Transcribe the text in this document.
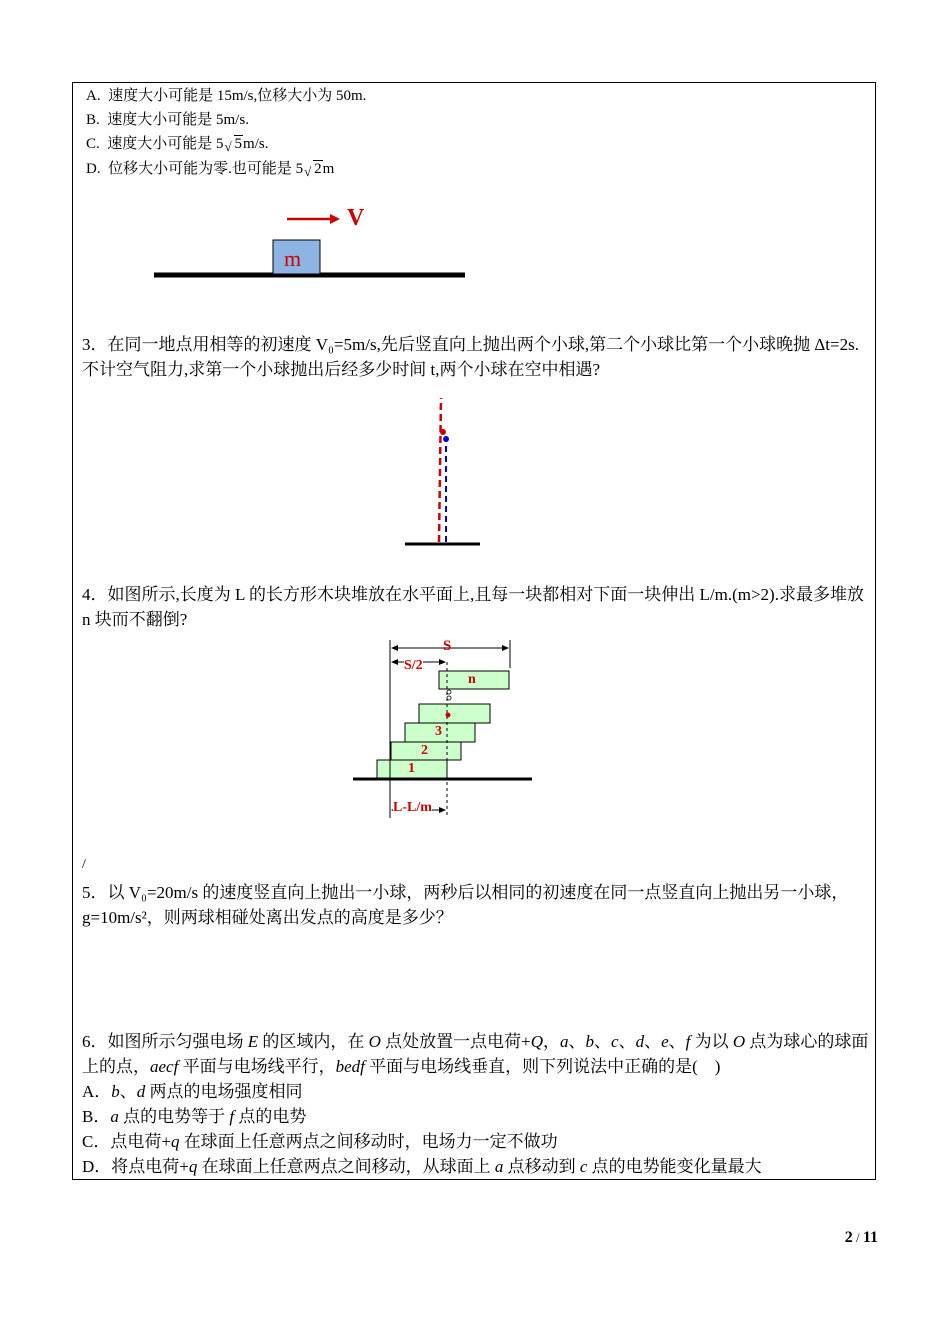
A. 速度大小可能是 15m/s,位移大小为 50m.
B. 速度大小可能是 5m/s.
C. 速度大小可能是 5 √ 5m/s.
D. 位移大小可能为零.也可能是 5 √ 2m
m
V
3．在同一地点用相等的初速度 V₀=5m/s,先后竖直向上抛出两个小球,第二个小球比第一个小球晚抛 Δt=2s.不计空气阻力,求第一个小球抛出后经多少时间 t,两个小球在空中相遇?
4．如图所示,长度为 L 的长方形木块堆放在水平面上,且每一块都相对下面一块伸出 L/m.(m>2).求最多堆放 n 块而不翻倒?
S
S/2
1
2
3
n
L-L/m
/
5．以 V₀=20m/s 的速度竖直向上抛出一小球，两秒后以相同的初速度在同一点竖直向上抛出另一小球，g=10m/s²，则两球相碰处离出发点的高度是多少？
6．如图所示匀强电场 E 的区域内，在 O 点处放置一点电荷+Q，a、b、c、d、e、f 为以 O 点为球心的球面上的点，aecf 平面与电场线平行，bedf 平面与电场线垂直，则下列说法中正确的是(　)
A．b、d 两点的电场强度相同
B．a 点的电势等于 f 点的电势
C．点电荷+q 在球面上任意两点之间移动时，电场力一定不做功
D．将点电荷+q 在球面上任意两点之间移动，从球面上 a 点移动到 c 点的电势能变化量最大
2 / 11
